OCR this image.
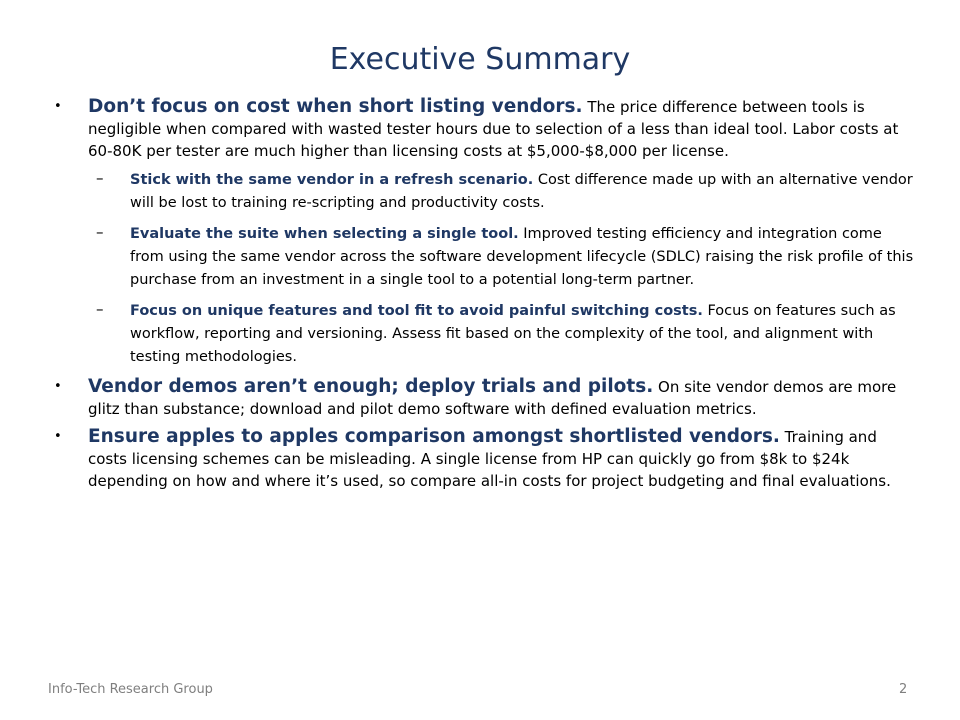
Executive Summary
• Don’t focus on cost when short listing vendors. The price difference between tools is negligible when compared with wasted tester hours due to selection of a less than ideal tool. Labor costs at 60-80K per tester are much higher than licensing costs at $5,000-$8,000 per license.
– Stick with the same vendor in a refresh scenario. Cost difference made up with an alternative vendor will be lost to training re-scripting and productivity costs.
– Evaluate the suite when selecting a single tool. Improved testing efficiency and integration come from using the same vendor across the software development lifecycle (SDLC) raising the risk profile of this purchase from an investment in a single tool to a potential long-term partner.
– Focus on unique features and tool fit to avoid painful switching costs. Focus on features such as workflow, reporting and versioning. Assess fit based on the complexity of the tool, and alignment with testing methodologies.
• Vendor demos aren’t enough; deploy trials and pilots. On site vendor demos are more glitz than substance; download and pilot demo software with defined evaluation metrics.
• Ensure apples to apples comparison amongst shortlisted vendors. Training and costs licensing schemes can be misleading. A single license from HP can quickly go from $8k to $24k depending on how and where it’s used, so compare all-in costs for project budgeting and final evaluations.
Info-Tech Research Group	2
